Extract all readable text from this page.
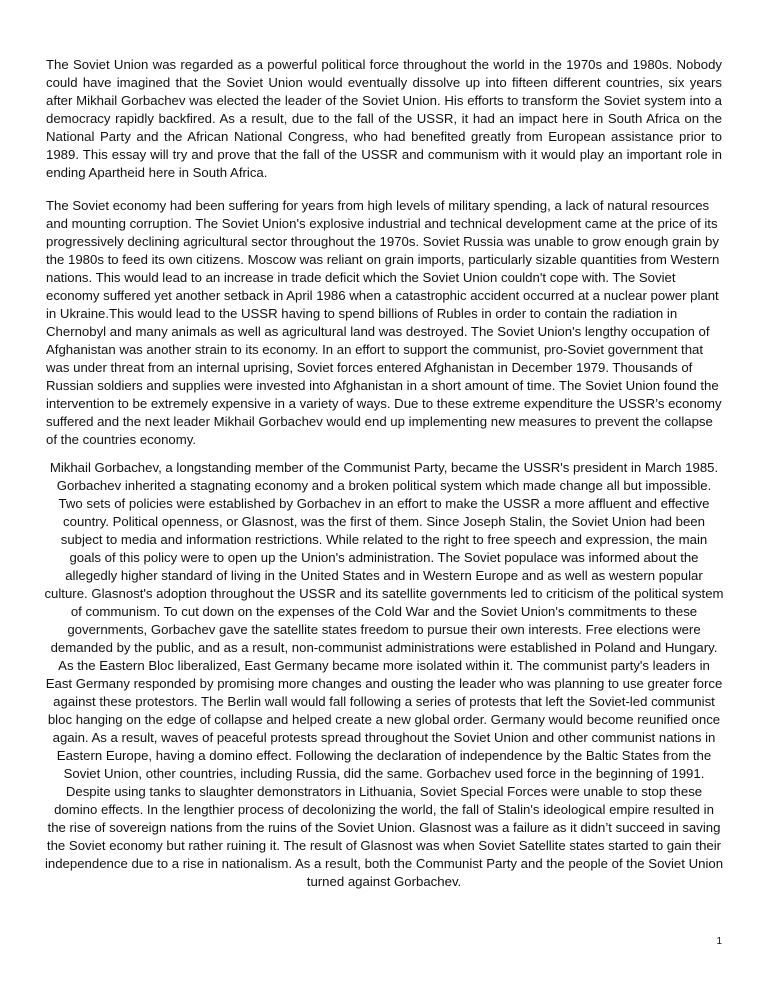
The Soviet Union was regarded as a powerful political force throughout the world in the 1970s and 1980s. Nobody could have imagined that the Soviet Union would eventually dissolve up into fifteen different countries, six years after Mikhail Gorbachev was elected the leader of the Soviet Union. His efforts to transform the Soviet system into a democracy rapidly backfired. As a result, due to the fall of the USSR, it had an impact here in South Africa on the National Party and the African National Congress, who had benefited greatly from European assistance prior to 1989. This essay will try and prove that the fall of the USSR and communism with it would play an important role in ending Apartheid here in South Africa.

The Soviet economy had been suffering for years from high levels of military spending, a lack of natural resources and mounting corruption. The Soviet Union's explosive industrial and technical development came at the price of its progressively declining agricultural sector throughout the 1970s. Soviet Russia was unable to grow enough grain by the 1980s to feed its own citizens. Moscow was reliant on grain imports, particularly sizable quantities from Western nations. This would lead to an increase in trade deficit which the Soviet Union couldn't cope with. The Soviet economy suffered yet another setback in April 1986 when a catastrophic accident occurred at a nuclear power plant in Ukraine.This would lead to the USSR having to spend billions of Rubles in order to contain the radiation in Chernobyl and many animals as well as agricultural land was destroyed. The Soviet Union's lengthy occupation of Afghanistan was another strain to its economy. In an effort to support the communist, pro-Soviet government that was under threat from an internal uprising, Soviet forces entered Afghanistan in December 1979. Thousands of Russian soldiers and supplies were invested into Afghanistan in a short amount of time. The Soviet Union found the intervention to be extremely expensive in a variety of ways. Due to these extreme expenditure the USSR’s economy suffered and the next leader Mikhail Gorbachev would end up implementing new measures to prevent the collapse of the countries economy.

Mikhail Gorbachev, a longstanding member of the Communist Party, became the USSR's president in March 1985. Gorbachev inherited a stagnating economy and a broken political system which made change all but impossible. Two sets of policies were established by Gorbachev in an effort to make the USSR a more affluent and effective country. Political openness, or Glasnost, was the first of them. Since Joseph Stalin, the Soviet Union had been subject to media and information restrictions. While related to the right to free speech and expression, the main goals of this policy were to open up the Union's administration. The Soviet populace was informed about the allegedly higher standard of living in the United States and in Western Europe and as well as western popular culture. Glasnost's adoption throughout the USSR and its satellite governments led to criticism of the political system of communism. To cut down on the expenses of the Cold War and the Soviet Union's commitments to these governments, Gorbachev gave the satellite states freedom to pursue their own interests. Free elections were demanded by the public, and as a result, non-communist administrations were established in Poland and Hungary. As the Eastern Bloc liberalized, East Germany became more isolated within it. The communist party's leaders in East Germany responded by promising more changes and ousting the leader who was planning to use greater force against these protestors. The Berlin wall would fall following a series of protests that left the Soviet-led communist bloc hanging on the edge of collapse and helped create a new global order. Germany would become reunified once again. As a result, waves of peaceful protests spread throughout the Soviet Union and other communist nations in Eastern Europe, having a domino effect. Following the declaration of independence by the Baltic States from the Soviet Union, other countries, including Russia, did the same. Gorbachev used force in the beginning of 1991. Despite using tanks to slaughter demonstrators in Lithuania, Soviet Special Forces were unable to stop these domino effects. In the lengthier process of decolonizing the world, the fall of Stalin's ideological empire resulted in the rise of sovereign nations from the ruins of the Soviet Union. Glasnost was a failure as it didn’t succeed in saving the Soviet economy but rather ruining it. The result of Glasnost was when Soviet Satellite states started to gain their independence due to a rise in nationalism. As a result, both the Communist Party and the people of the Soviet Union turned against Gorbachev.

1
